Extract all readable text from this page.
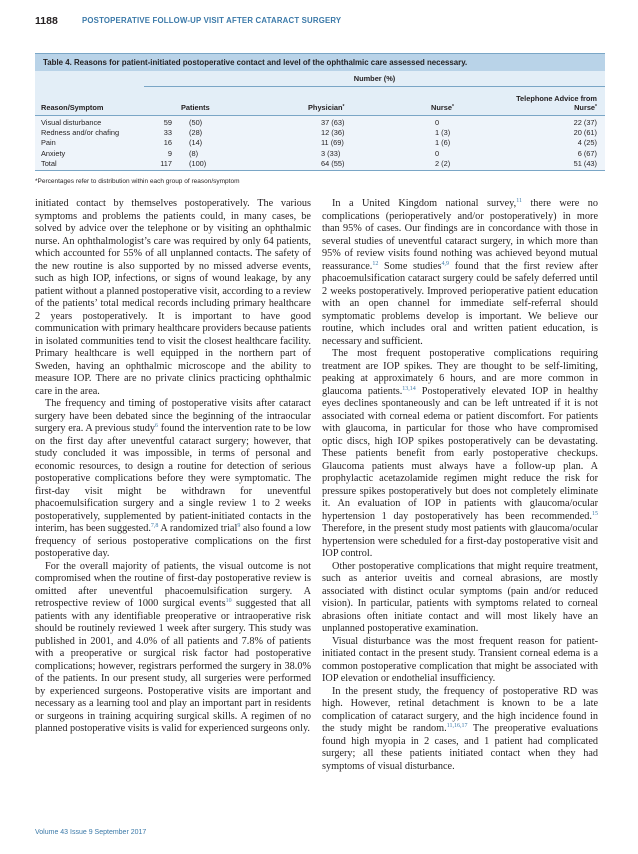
1188	POSTOPERATIVE FOLLOW-UP VISIT AFTER CATARACT SURGERY
Table 4. Reasons for patient-initiated postoperative contact and level of the ophthalmic care assessed necessary.
Number (%)
Reason/Symptom	Patients	Physician*	Nurse*
Telephone Advice from
Nurse*
Visual disturbance	59 (50)	37 (63)	0	22 (37)
Redness and/or chafing	33 (28)	12 (36)	1 (3)	20 (61)
Pain	16 (14)	11 (69)	1 (6)	4 (25)
Anxiety	9 (8)	3 (33)	0	6 (67)
Total	117 (100)	64 (55)	2 (2)	51 (43)
*Percentages refer to distribution within each group of reason/symptom

initiated contact by themselves postoperatively. The various symptoms and problems the patients could, in many cases, be solved by advice over the telephone or by visiting an ophthalmic nurse. An ophthalmologist’s care was required by only 64 patients, which accounted for 55% of all unplanned contacts. The safety of the new routine is also supported by no missed adverse events, such as high IOP, infections, or signs of wound leakage, by any patient without a planned postoperative visit, according to a review of the patients’ total medical records including primary healthcare 2 years postoperatively. It is important to have good communication with primary healthcare providers because patients in isolated communities tend to visit the closest healthcare facility. Primary healthcare is well equipped in the northern part of Sweden, having an ophthalmic microscope and the ability to measure IOP. There are no private clinics practicing ophthalmic care in the area.

The frequency and timing of postoperative visits after cataract surgery have been debated since the beginning of the intraocular surgery era. A previous study$^6$ found the intervention rate to be low on the first day after uneventful cataract surgery; however, that study concluded it was impossible, in terms of personal and economic resources, to design a routine for detection of serious postoperative complications before they were symptomatic. The first-day visit might be withdrawn for uneventful phacoemulsification surgery and a single review 1 to 2 weeks postoperatively, supplemented by patient-initiated contacts in the interim, has been suggested.$^{7,8}$ A randomized trial$^9$ also found a low frequency of serious postoperative complications on the first postoperative day.

For the overall majority of patients, the visual outcome is not compromised when the routine of first-day postoperative review is omitted after uneventful phacoemulsification surgery. A retrospective review of 1000 surgical events$^{10}$ suggested that all patients with any identifiable preoperative or intraoperative risk should be routinely reviewed 1 week after surgery. This study was published in 2001, and 4.0% of all patients and 7.8% of patients with a preoperative or surgical risk factor had postoperative complications; however, registrars performed the surgery in 38.0% of the patients. In our present study, all surgeries were performed by experienced surgeons. Postoperative visits are important and necessary as a learning tool and play an important part in residents or surgeons in training acquiring surgical skills. A regimen of no planned postoperative visits is valid for experienced surgeons only.

In a United Kingdom national survey,$^{11}$ there were no complications (perioperatively and/or postoperatively) in more than 95% of cases. Our findings are in concordance with those in several studies of uneventful cataract surgery, in which more than 95% of review visits found nothing was achieved beyond mutual reassurance.$^{12}$ Some studies$^{4,9}$ found that the first review after phacoemulsification cataract surgery could be safely deferred until 2 weeks postoperatively. Improved perioperative patient education with an open channel for immediate self-referral should symptomatic problems develop is important. We believe our routine, which includes oral and written patient education, is necessary and sufficient.

The most frequent postoperative complications requiring treatment are IOP spikes. They are thought to be self-limiting, peaking at approximately 6 hours, and are more common in glaucoma patients.$^{13,14}$ Postoperatively elevated IOP in healthy eyes declines spontaneously and can be left untreated if it is not associated with corneal edema or patient discomfort. For patients with glaucoma, in particular for those who have compromised optic discs, high IOP spikes postoperatively can be devastating. These patients benefit from early postoperative checkups. Glaucoma patients must always have a follow-up plan. A prophylactic acetazolamide regimen might reduce the risk for pressure spikes postoperatively but does not completely eliminate it. An evaluation of IOP in patients with glaucoma/ocular hypertension 1 day postoperatively has been recommended.$^{15}$ Therefore, in the present study most patients with glaucoma/ocular hypertension were scheduled for a first-day postoperative visit and IOP control.

Other postoperative complications that might require treatment, such as anterior uveitis and corneal abrasions, are mostly associated with distinct ocular symptoms (pain and/or reduced vision). In particular, patients with symptoms related to corneal abrasions often initiate contact and will most likely have an unplanned postoperative examination.

Visual disturbance was the most frequent reason for patient-initiated contact in the present study. Transient corneal edema is a common postoperative complication that might be associated with IOP elevation or endothelial insufficiency.

In the present study, the frequency of postoperative RD was high. However, retinal detachment is known to be a late complication of cataract surgery, and the high incidence found in the study might be random.$^{11,16,17}$ The preoperative evaluations found high myopia in 2 cases, and 1 patient had complicated surgery; all these patients initiated contact when they had symptoms of visual disturbance.

Volume 43 Issue 9 September 2017
